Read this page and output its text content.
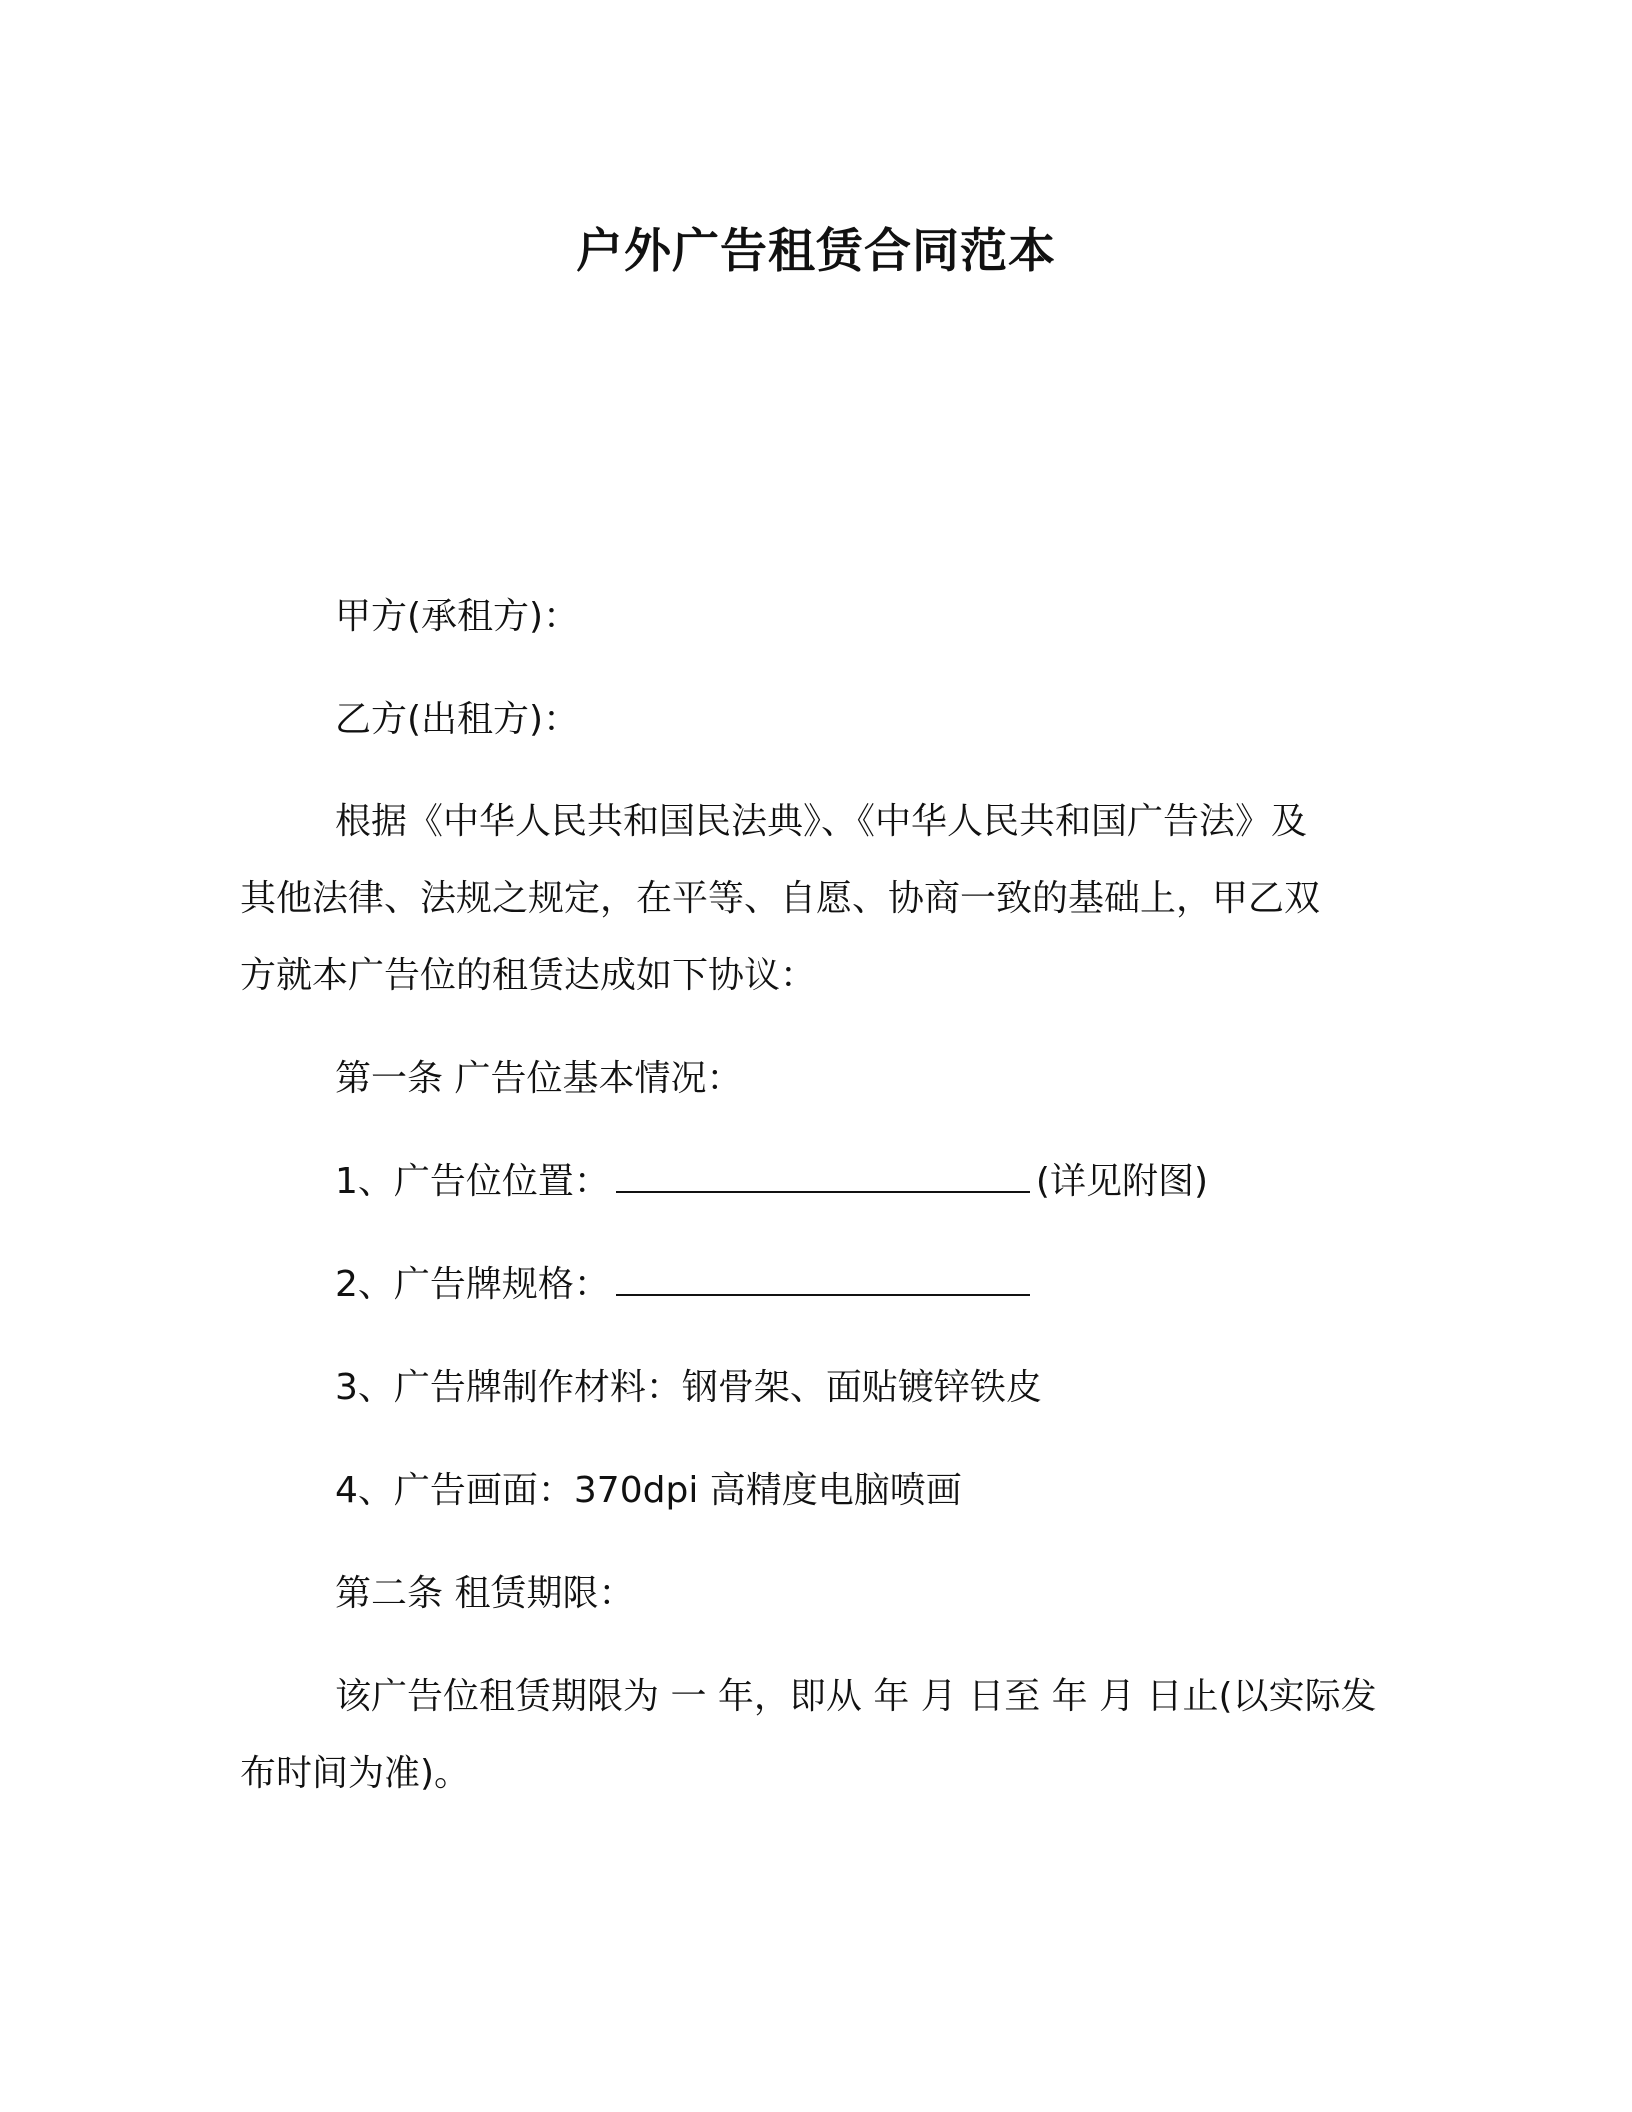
户外广告租赁合同范本
甲方(承租方)：
乙方(出租方)：
根据《中华人民共和国民法典》、《中华人民共和国广告法》及
其他法律、法规之规定，在平等、自愿、协商一致的基础上，甲乙双
方就本广告位的租赁达成如下协议：
第一条 广告位基本情况：
1、广告位位置：	(详见附图)
2、广告牌规格：
3、广告牌制作材料：钢骨架、面贴镀锌铁皮
4、广告画面：370dpi 高精度电脑喷画
第二条 租赁期限：
该广告位租赁期限为 一 年，即从 年 月 日至 年 月 日止(以实际发
布时间为准)。
